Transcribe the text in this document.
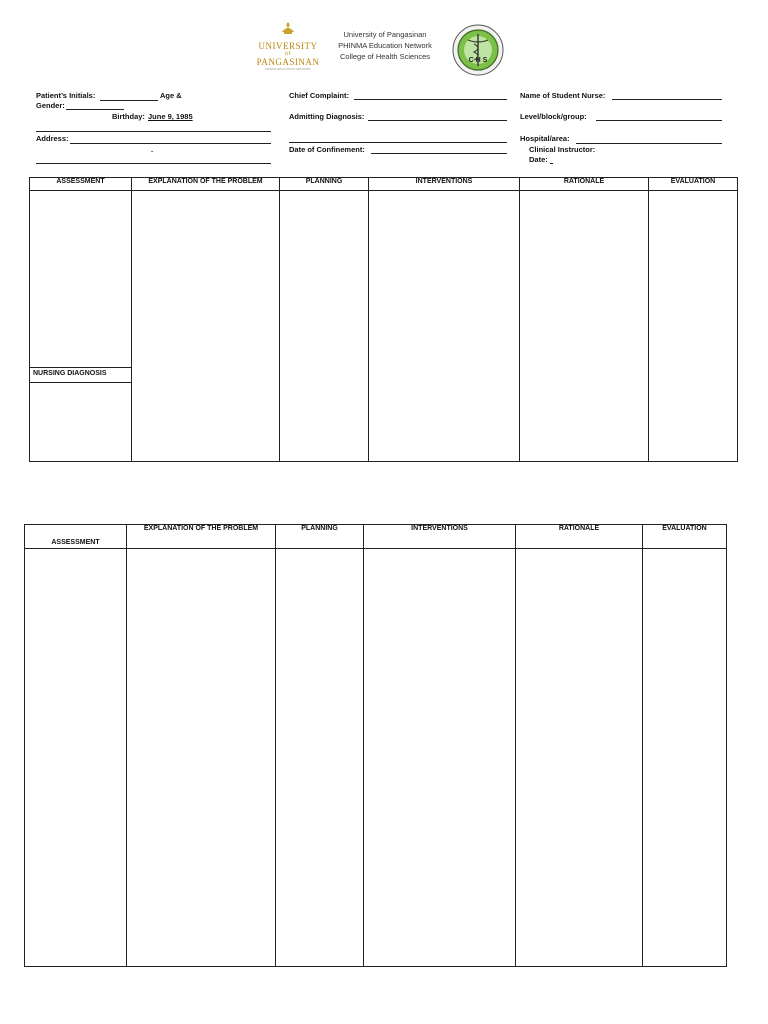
UNIVERSITY
of
PANGASINAN
PHINMA EDUCATION NETWORK
University of Pangasinan
PHINMA Education Network
College of Health Sciences	C H S
Patient’s Initials:	Age &
Gender:
Birthday: June 9, 1985
Address:
.
Chief Complaint:
Admitting Diagnosis:
Date of Confinement:
Name of Student Nurse:
Level/block/group:
Hospital/area:
Clinical Instructor:
Date:
ASSESSMENT	EXPLANATION OF THE PROBLEM	PLANNING	INTERVENTIONS	RATIONALE	EVALUATION

NURSING DIAGNOSIS					

ASSESSMENT	EXPLANATION OF THE PROBLEM	PLANNING	INTERVENTIONS	RATIONALE	EVALUATION
